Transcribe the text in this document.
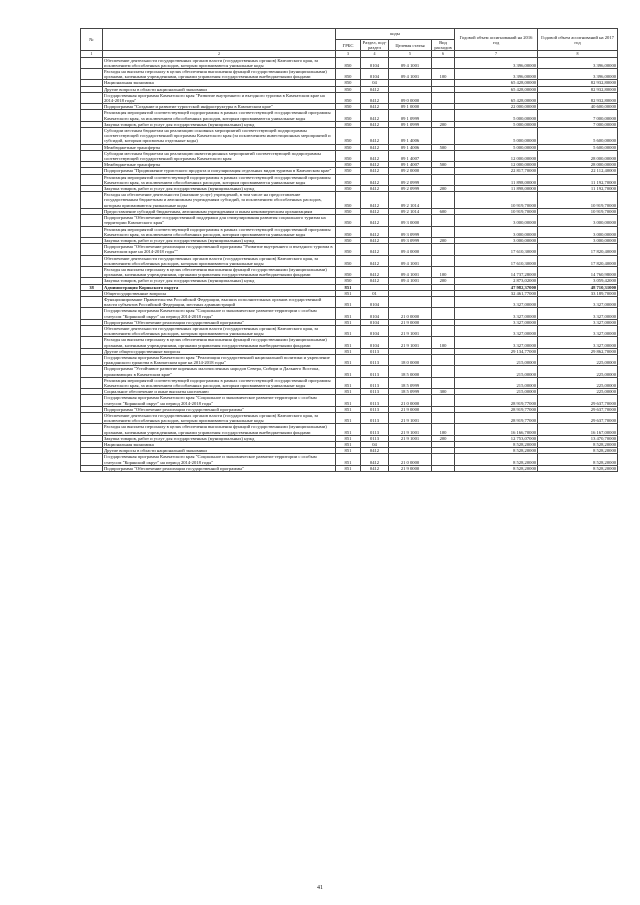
№		коды				Годовой объем ассигнований на 2016 год	Годовой объем ассигнований на 2017 год
		ГРБС	Раздел, под-раздел	Целевая статья	Вид расходов		
1	2	3	4	5	6	7	8
	Обеспечение деятельности государственных органов власти (государственных органов) Камчатского края, за исключением обособленных расходов, которым присваиваются уникальные коды	850	0104	09 4 1001		3 396,00000	3 396,00000
	Расходы на выплаты персоналу в целях обеспечения выполнения функций государственными (муниципальными) органами, казенными учреждениями, органами управления государственными внебюджетными фондами	850	0104	09 4 1001	100	3 396,00000	3 396,00000
	Национальная экономика	850	04			65 428,00000	82 932,80000
	Другие вопросы в области национальной экономики	850	0412			65 428,00000	82 932,80000
	Государственная программа Камчатского края "Развитие внутреннего и въездного туризма в Камчатском крае на 2014-2018 годы"	850	0412	09 0 0000		65 428,00000	82 932,80000
	Подпрограмма "Создание и развитие туристской инфраструктуры в Камчатском крае"	850	0412	09 1 0000		22 000,00000	40 600,00000
	Реализация мероприятий соответствующей подпрограммы в рамках соответствующей государственной программы Камчатского края, за исключением обособленных расходов, которым присваиваются уникальные коды	850	0412	09 1 0999		5 000,00000	7 000,00000
	Закупка товаров, работ и услуг для государственных (муниципальных) нужд	850	0412	09 1 0999	200	5 000,00000	7 000,00000
	Субсидии местным бюджетам на реализацию основных мероприятий соответствующей подпрограммы соответствующей государственной программы Камчатского края (за исключением инвестиционных мероприятий и субсидий, которым присвоены отдельные коды)	850	0412	09 1 4006		5 000,00000	5 600,00000
	Межбюджетные трансферты	850	0412	09 1 4006	500	5 000,00000	5 600,00000
	Субсидии местным бюджетам на реализацию инвестиционных мероприятий соответствующей подпрограммы соответствующей государственной программы Камчатского края	850	0412	09 1 4007		12 000,00000	28 000,00000
	Межбюджетные трансферты	850	0412	09 1 4007	500	12 000,00000	28 000,00000
	Подпрограмма "Продвижение туристского продукта и популяризация отдельных видов туризма в Камчатском крае"	850	0412	09 2 0000		22 817,70000	22 112,40000
	Реализация мероприятий соответствующей подпрограммы в рамках соответствующей государственной программы Камчатского края, за исключением обособленных расходов, которым присваиваются уникальные коды	850	0412	09 2 0999		11 898,00000	11 192,70000
	Закупка товаров, работ и услуг для государственных (муниципальных) нужд	850	0412	09 2 0999	200	11 898,00000	11 192,70000
	Расходы на обеспечение деятельности (оказание услуг) учреждений, в том числе на предоставление государственным бюджетным и автономным учреждениям субсидий, за исключением обособленных расходов, которым присваиваются уникальные коды	850	0412	09 2 1014		10 919,70000	10 919,70000
	Предоставление субсидий бюджетным, автономным учреждениям и иным некоммерческим организациям	850	0412	09 2 1014	600	10 919,70000	10 919,70000
	Подпрограмма "Обеспечение государственной поддержки для стимулирования развития социального туризма на территории Камчатского края"	850	0412	09 3 0000		3 000,00000	3 000,00000
	Реализация мероприятий соответствующей подпрограммы в рамках соответствующей государственной программы Камчатского края, за исключением обособленных расходов, которым присваиваются уникальные коды	850	0412	09 3 0999		3 000,00000	3 000,00000
	Закупка товаров, работ и услуг для государственных (муниципальных) нужд	850	0412	09 3 0999	200	3 000,00000	3 000,00000
	Подпрограмма "Обеспечение реализации государственной программы "Развитие внутреннего и въездного туризма в Камчатском крае на 2014-2018 годы""	850	0412	09 4 0000		17 610,30000	17 820,40000
	Обеспечение деятельности государственных органов власти (государственных органов) Камчатского края, за исключением обособленных расходов, которым присваиваются уникальные коды	850	0412	09 4 1001		17 610,30000	17 820,40000
	Расходы на выплаты персоналу в целях обеспечения выполнения функций государственными (муниципальными) органами, казенными учреждениями, органами управления государственными внебюджетными фондами	850	0412	09 4 1001	100	14 737,28000	14 760,98000
	Закупка товаров, работ и услуг для государственных (муниципальных) нужд	850	0412	09 4 1001	200	2 873,02000	3 059,42000
38	Администрация Корякского округа	851				47 982,37000	48 710,31000
	Общегосударственные вопросы	851	01			32 461,77000	33 189,70000
	Функционирование Правительства Российской Федерации, высших исполнительных органов государственной власти субъектов Российской Федерации, местных администраций	851	0104			3 327,00000	3 327,00000
	Государственная программа Камчатского края "Социальное и экономическое развитие территории с особым статусом "Корякский округ" на период 2014-2018 годы"	851	0104	21 0 0000		3 327,00000	3 327,00000
	Подпрограмма "Обеспечение реализации государственной программы"	851	0104	21 9 0000		3 327,00000	3 327,00000
	Обеспечение деятельности государственных органов власти (государственных органов) Камчатского края, за исключением обособленных расходов, которым присваиваются уникальные коды	851	0104	21 9 1001		3 327,00000	3 327,00000
	Расходы на выплаты персоналу в целях обеспечения выполнения функций государственными (муниципальными) органами, казенными учреждениями, органами управления государственными внебюджетными фондами	851	0104	21 9 1001	100	3 327,00000	3 327,00000
	Другие общегосударственные вопросы	851	0113			29 134,77000	29 862,70000
	Государственная программа Камчатского края "Реализация государственной национальной политики и укрепление гражданского единства в Камчатском крае на 2014-2018 годы"	851	0113	18 0 0000		215,00000	225,00000
	Подпрограмма "Устойчивое развитие коренных малочисленных народов Севера, Сибири и Дальнего Востока, проживающих в Камчатском крае"	851	0113	18 5 0000		215,00000	225,00000
	Реализация мероприятий соответствующей подпрограммы в рамках соответствующей государственной программы Камчатского края, за исключением обособленных расходов, которым присваиваются уникальные коды	851	0113	18 5 0999		215,00000	225,00000
	Социальное обеспечение и иные выплаты населению	851	0113	18 5 0999	300	215,00000	225,00000
	Государственная программа Камчатского края "Социальное и экономическое развитие территории с особым статусом "Корякский округ" на период 2014-2018 годы"	851	0113	21 0 0000		28 919,77000	29 637,70000
	Подпрограмма "Обеспечение реализации государственной программы"	851	0113	21 9 0000		28 919,77000	29 637,70000
	Обеспечение деятельности государственных органов власти (государственных органов) Камчатского края, за исключением обособленных расходов, которым присваиваются уникальные коды	851	0113	21 9 1001		28 919,77000	29 637,70000
	Расходы на выплаты персоналу в целях обеспечения выполнения функций государственными (муниципальными) органами, казенными учреждениями, органами управления государственными внебюджетными фондами	851	0113	21 9 1001	100	16 166,70000	16 167,00000
	Закупка товаров, работ и услуг для государственных (муниципальных) нужд	851	0113	21 9 1001	200	12 753,07000	13 470,70000
	Национальная экономика	851	04			8 528,20000	8 528,20000
	Другие вопросы в области национальной экономики	851	0412			8 528,20000	8 528,20000
	Государственная программа Камчатского края "Социальное и экономическое развитие территории с особым статусом "Корякский округ" на период 2014-2018 годы"	851	0412	21 0 0000		8 528,20000	8 528,20000
	Подпрограмма "Обеспечение реализации государственной программы"	851	0412	21 9 0000		8 528,20000	8 528,20000
41
